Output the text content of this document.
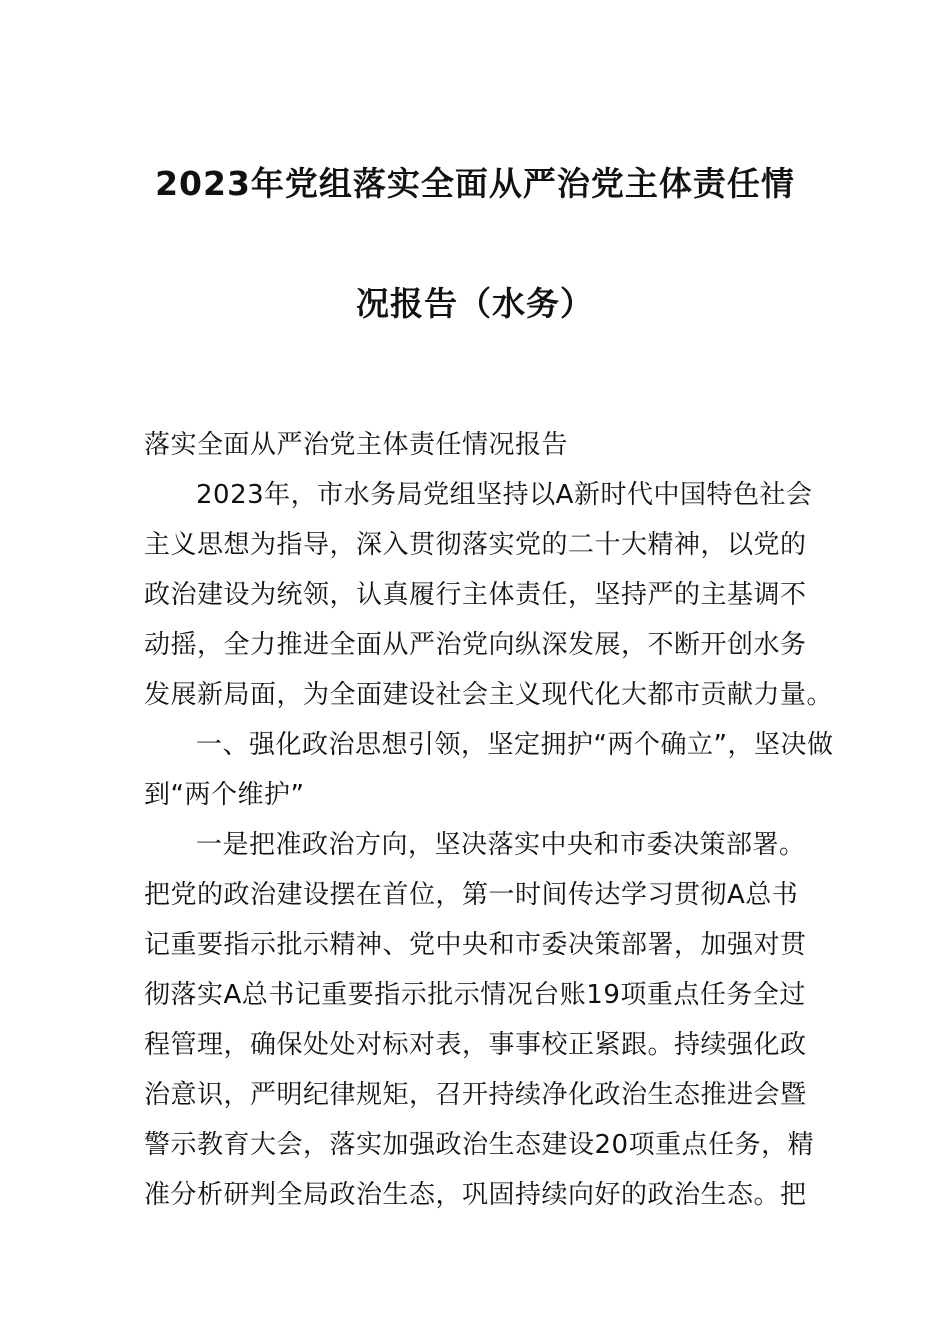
2023年党组落实全面从严治党主体责任情
况报告（水务）
落实全面从严治党主体责任情况报告
2023年，市水务局党组坚持以A新时代中国特色社会
主义思想为指导，深入贯彻落实党的二十大精神，以党的
政治建设为统领，认真履行主体责任，坚持严的主基调不
动摇，全力推进全面从严治党向纵深发展，不断开创水务
发展新局面，为全面建设社会主义现代化大都市贡献力量。
一、强化政治思想引领，坚定拥护“两个确立”，坚决做
到“两个维护”
一是把准政治方向，坚决落实中央和市委决策部署。
把党的政治建设摆在首位，第一时间传达学习贯彻A总书
记重要指示批示精神、党中央和市委决策部署，加强对贯
彻落实A总书记重要指示批示情况台账19项重点任务全过
程管理，确保处处对标对表，事事校正紧跟。持续强化政
治意识，严明纪律规矩，召开持续净化政治生态推进会暨
警示教育大会，落实加强政治生态建设20项重点任务，精
准分析研判全局政治生态，巩固持续向好的政治生态。把
